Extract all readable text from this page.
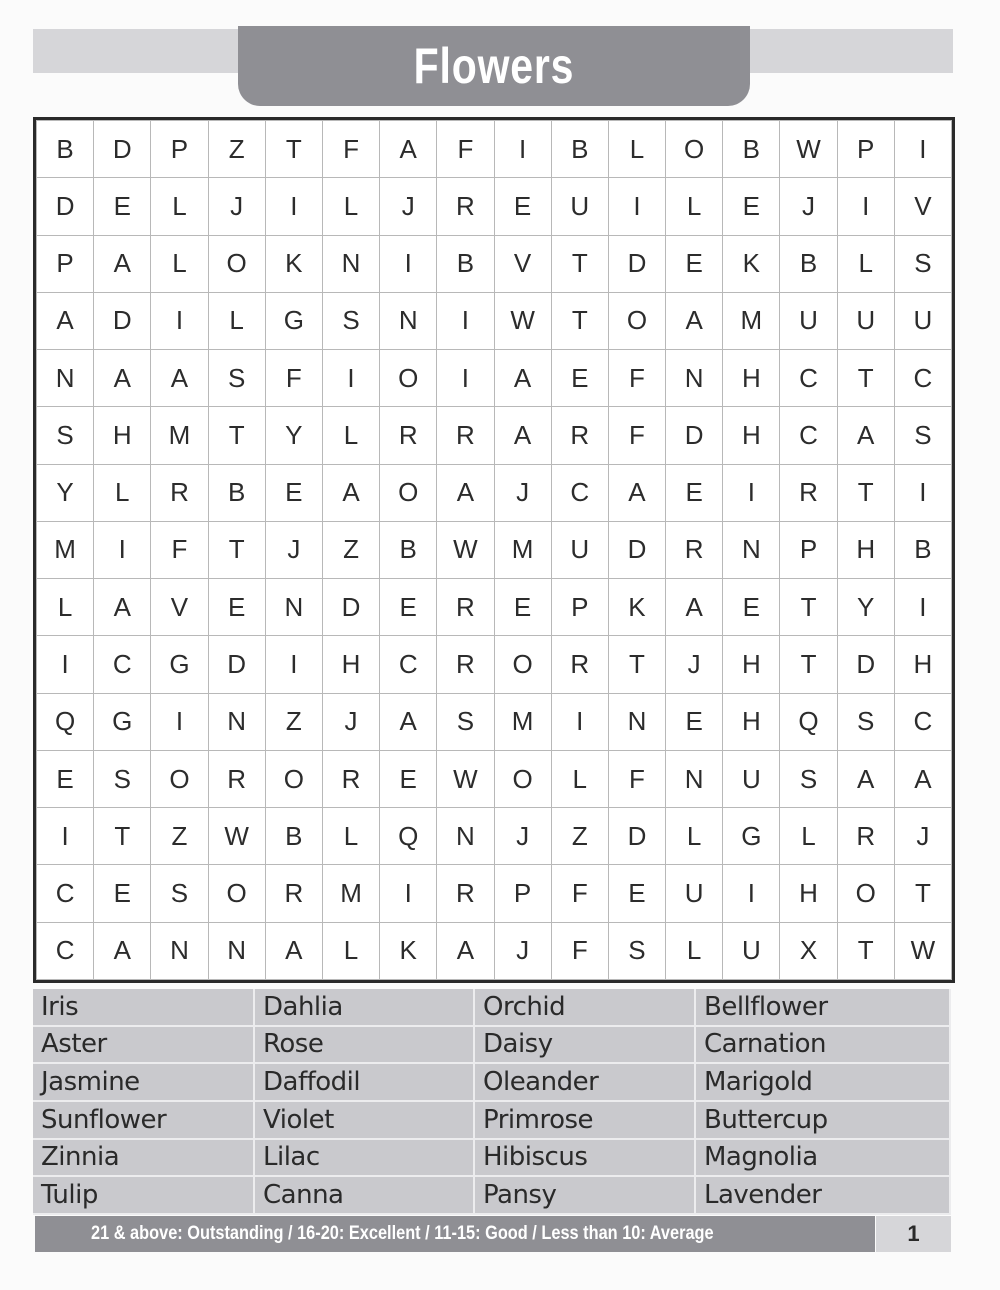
Flowers
B	D	P	Z	T	F	A	F	I	B	L	O	B	W	P	I
D	E	L	J	I	L	J	R	E	U	I	L	E	J	I	V
P	A	L	O	K	N	I	B	V	T	D	E	K	B	L	S
A	D	I	L	G	S	N	I	W	T	O	A	M	U	U	U
N	A	A	S	F	I	O	I	A	E	F	N	H	C	T	C
S	H	M	T	Y	L	R	R	A	R	F	D	H	C	A	S
Y	L	R	B	E	A	O	A	J	C	A	E	I	R	T	I
M	I	F	T	J	Z	B	W	M	U	D	R	N	P	H	B
L	A	V	E	N	D	E	R	E	P	K	A	E	T	Y	I
I	C	G	D	I	H	C	R	O	R	T	J	H	T	D	H
Q	G	I	N	Z	J	A	S	M	I	N	E	H	Q	S	C
E	S	O	R	O	R	E	W	O	L	F	N	U	S	A	A
I	T	Z	W	B	L	Q	N	J	Z	D	L	G	L	R	J
C	E	S	O	R	M	I	R	P	F	E	U	I	H	O	T
C	A	N	N	A	L	K	A	J	F	S	L	U	X	T	W
Iris	Dahlia	Orchid	Bellflower
Aster	Rose	Daisy	Carnation
Jasmine	Daffodil	Oleander	Marigold
Sunflower	Violet	Primrose	Buttercup
Zinnia	Lilac	Hibiscus	Magnolia
Tulip	Canna	Pansy	Lavender
21 & above: Outstanding / 16-20: Excellent / 11-15: Good / Less than 10: Average	1
